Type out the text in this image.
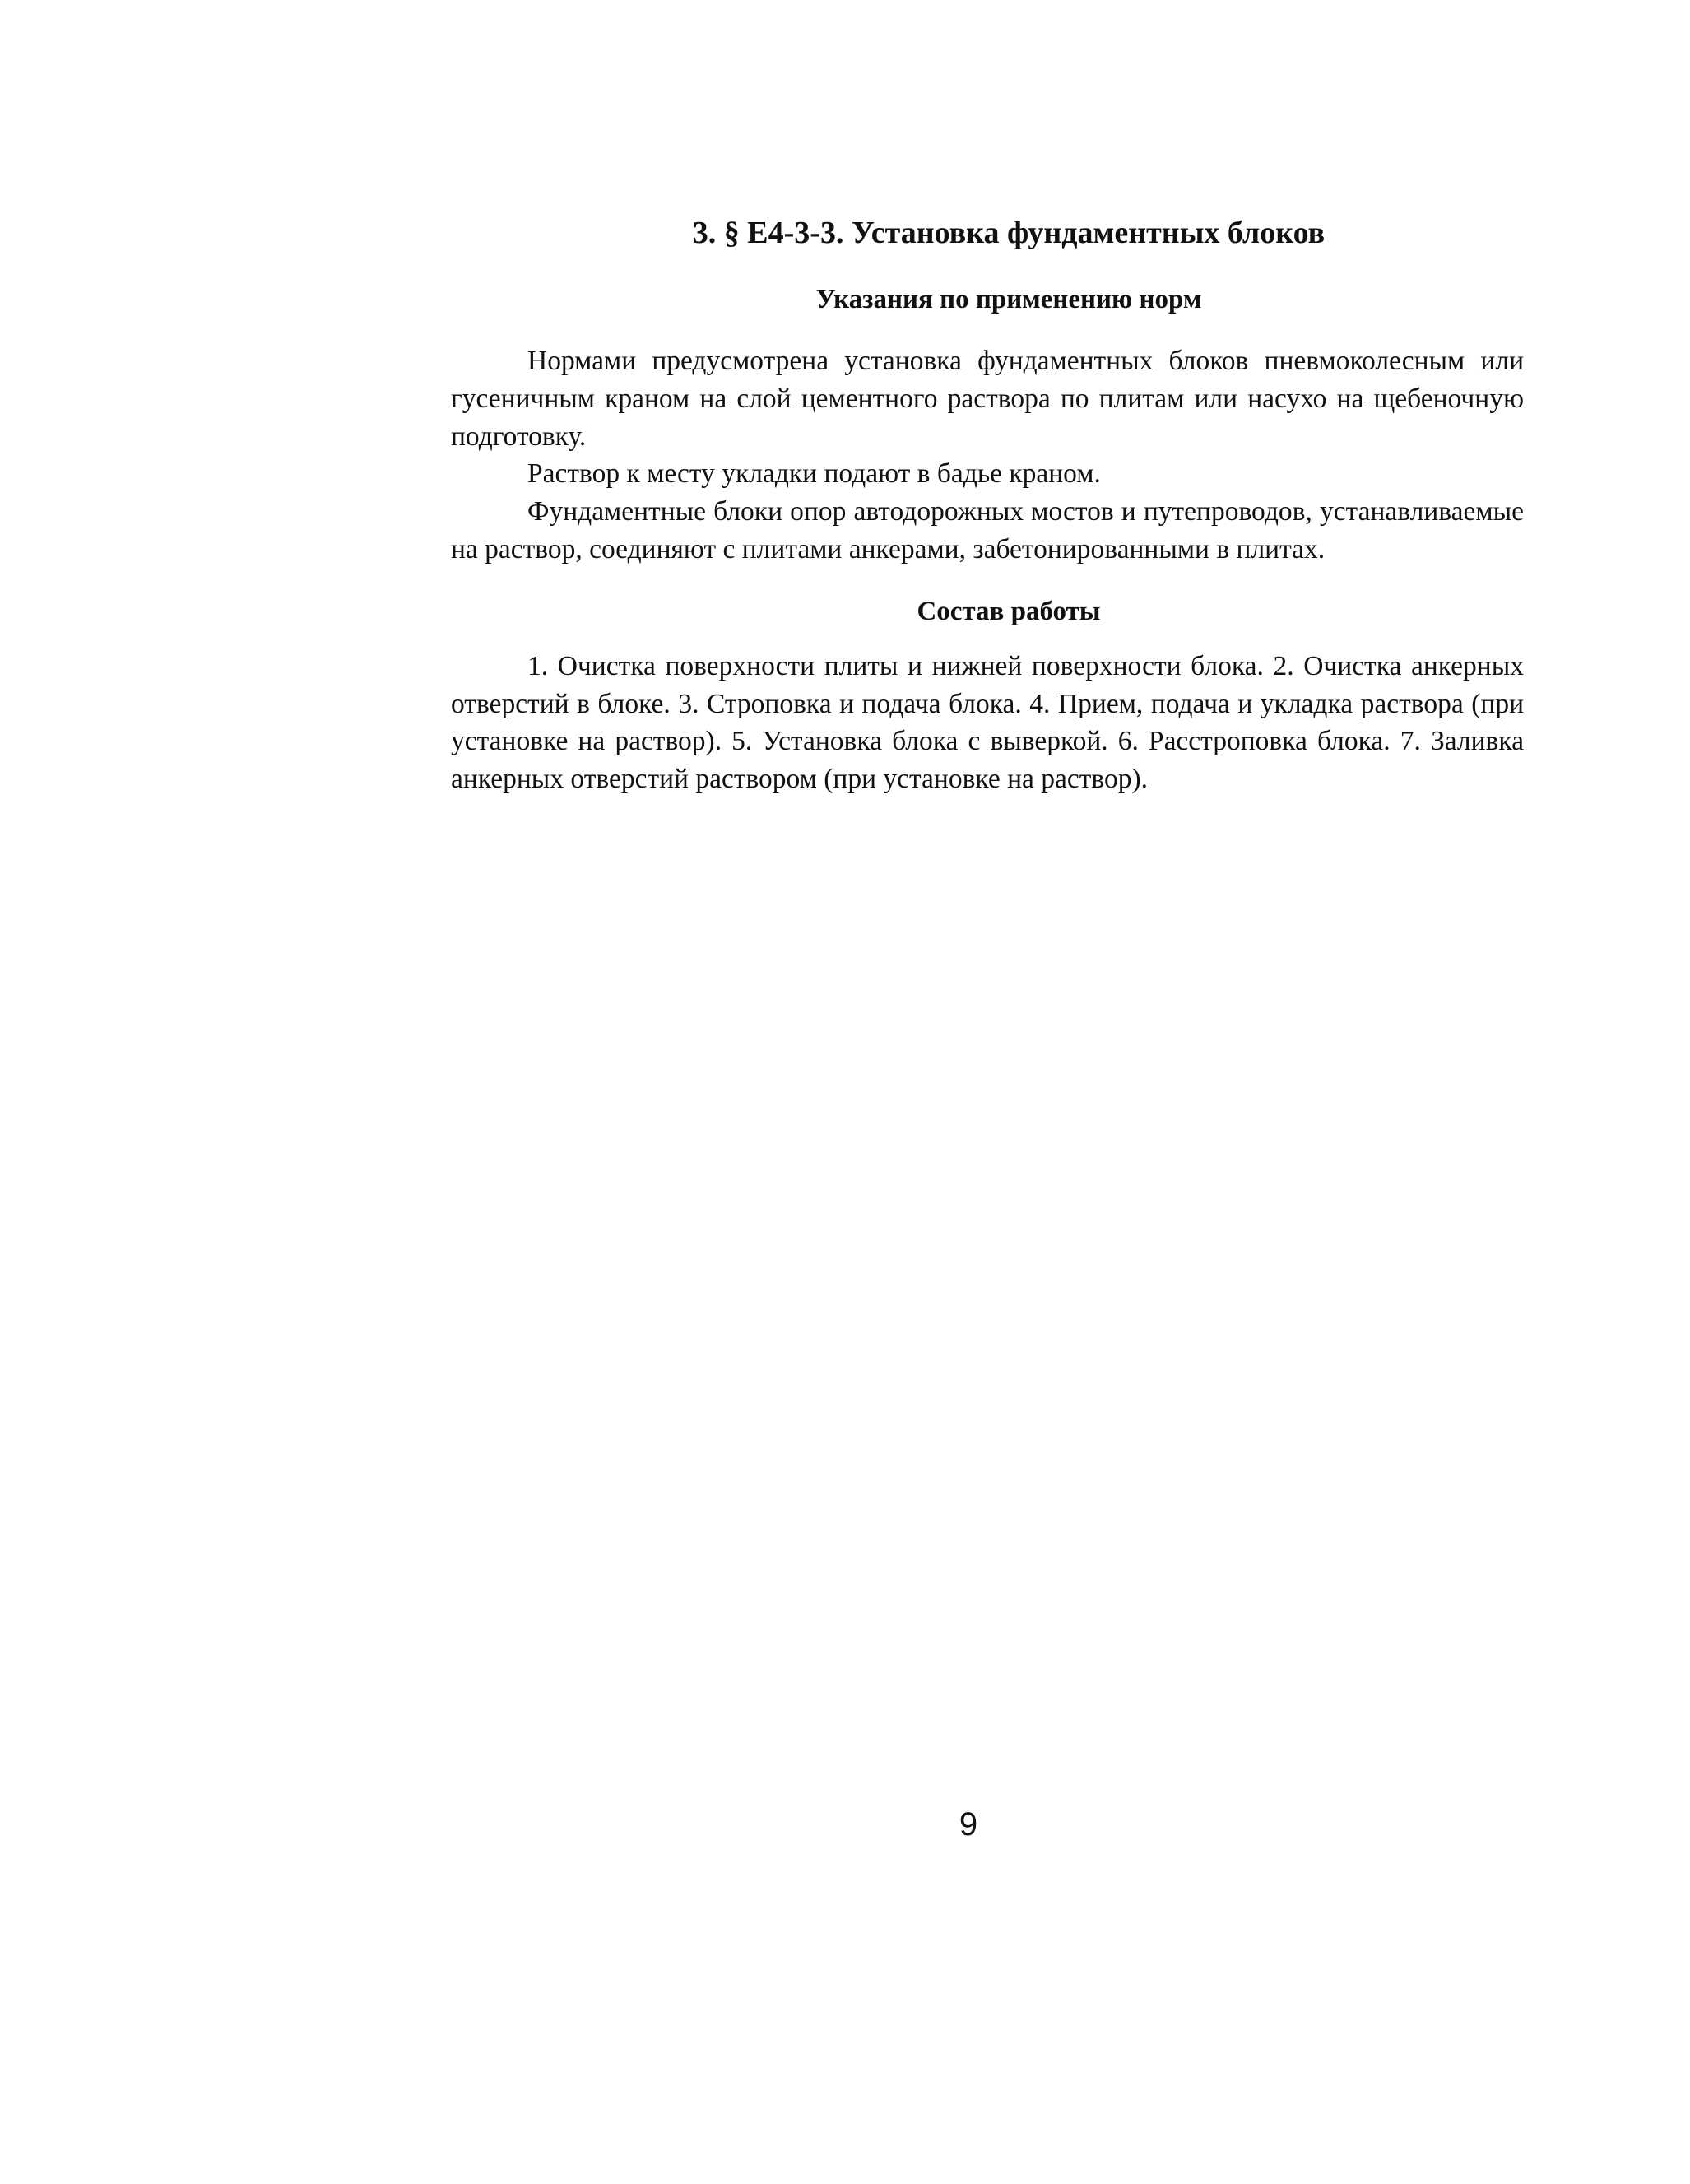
3. § Е4-3-3. Установка фундаментных блоков
Указания по применению норм

Нормами предусмотрена установка фундаментных блоков пневмоколесным или гусеничным краном на слой цементного раствора по плитам или насухо на щебеночную подготовку.

Раствор к месту укладки подают в бадье краном.

Фундаментные блоки опор автодорожных мостов и путепроводов, устанавливаемые на раствор, соединяют с плитами анкерами, забетонированными в плитах.

Состав работы

1. Очистка поверхности плиты и нижней поверхности блока. 2. Очистка анкерных отверстий в блоке. 3. Строповка и подача блока. 4. Прием, подача и укладка раствора (при установке на раствор). 5. Установка блока с выверкой. 6. Расстроповка блока. 7. Заливка анкерных отверстий раствором (при установке на раствор).

9
